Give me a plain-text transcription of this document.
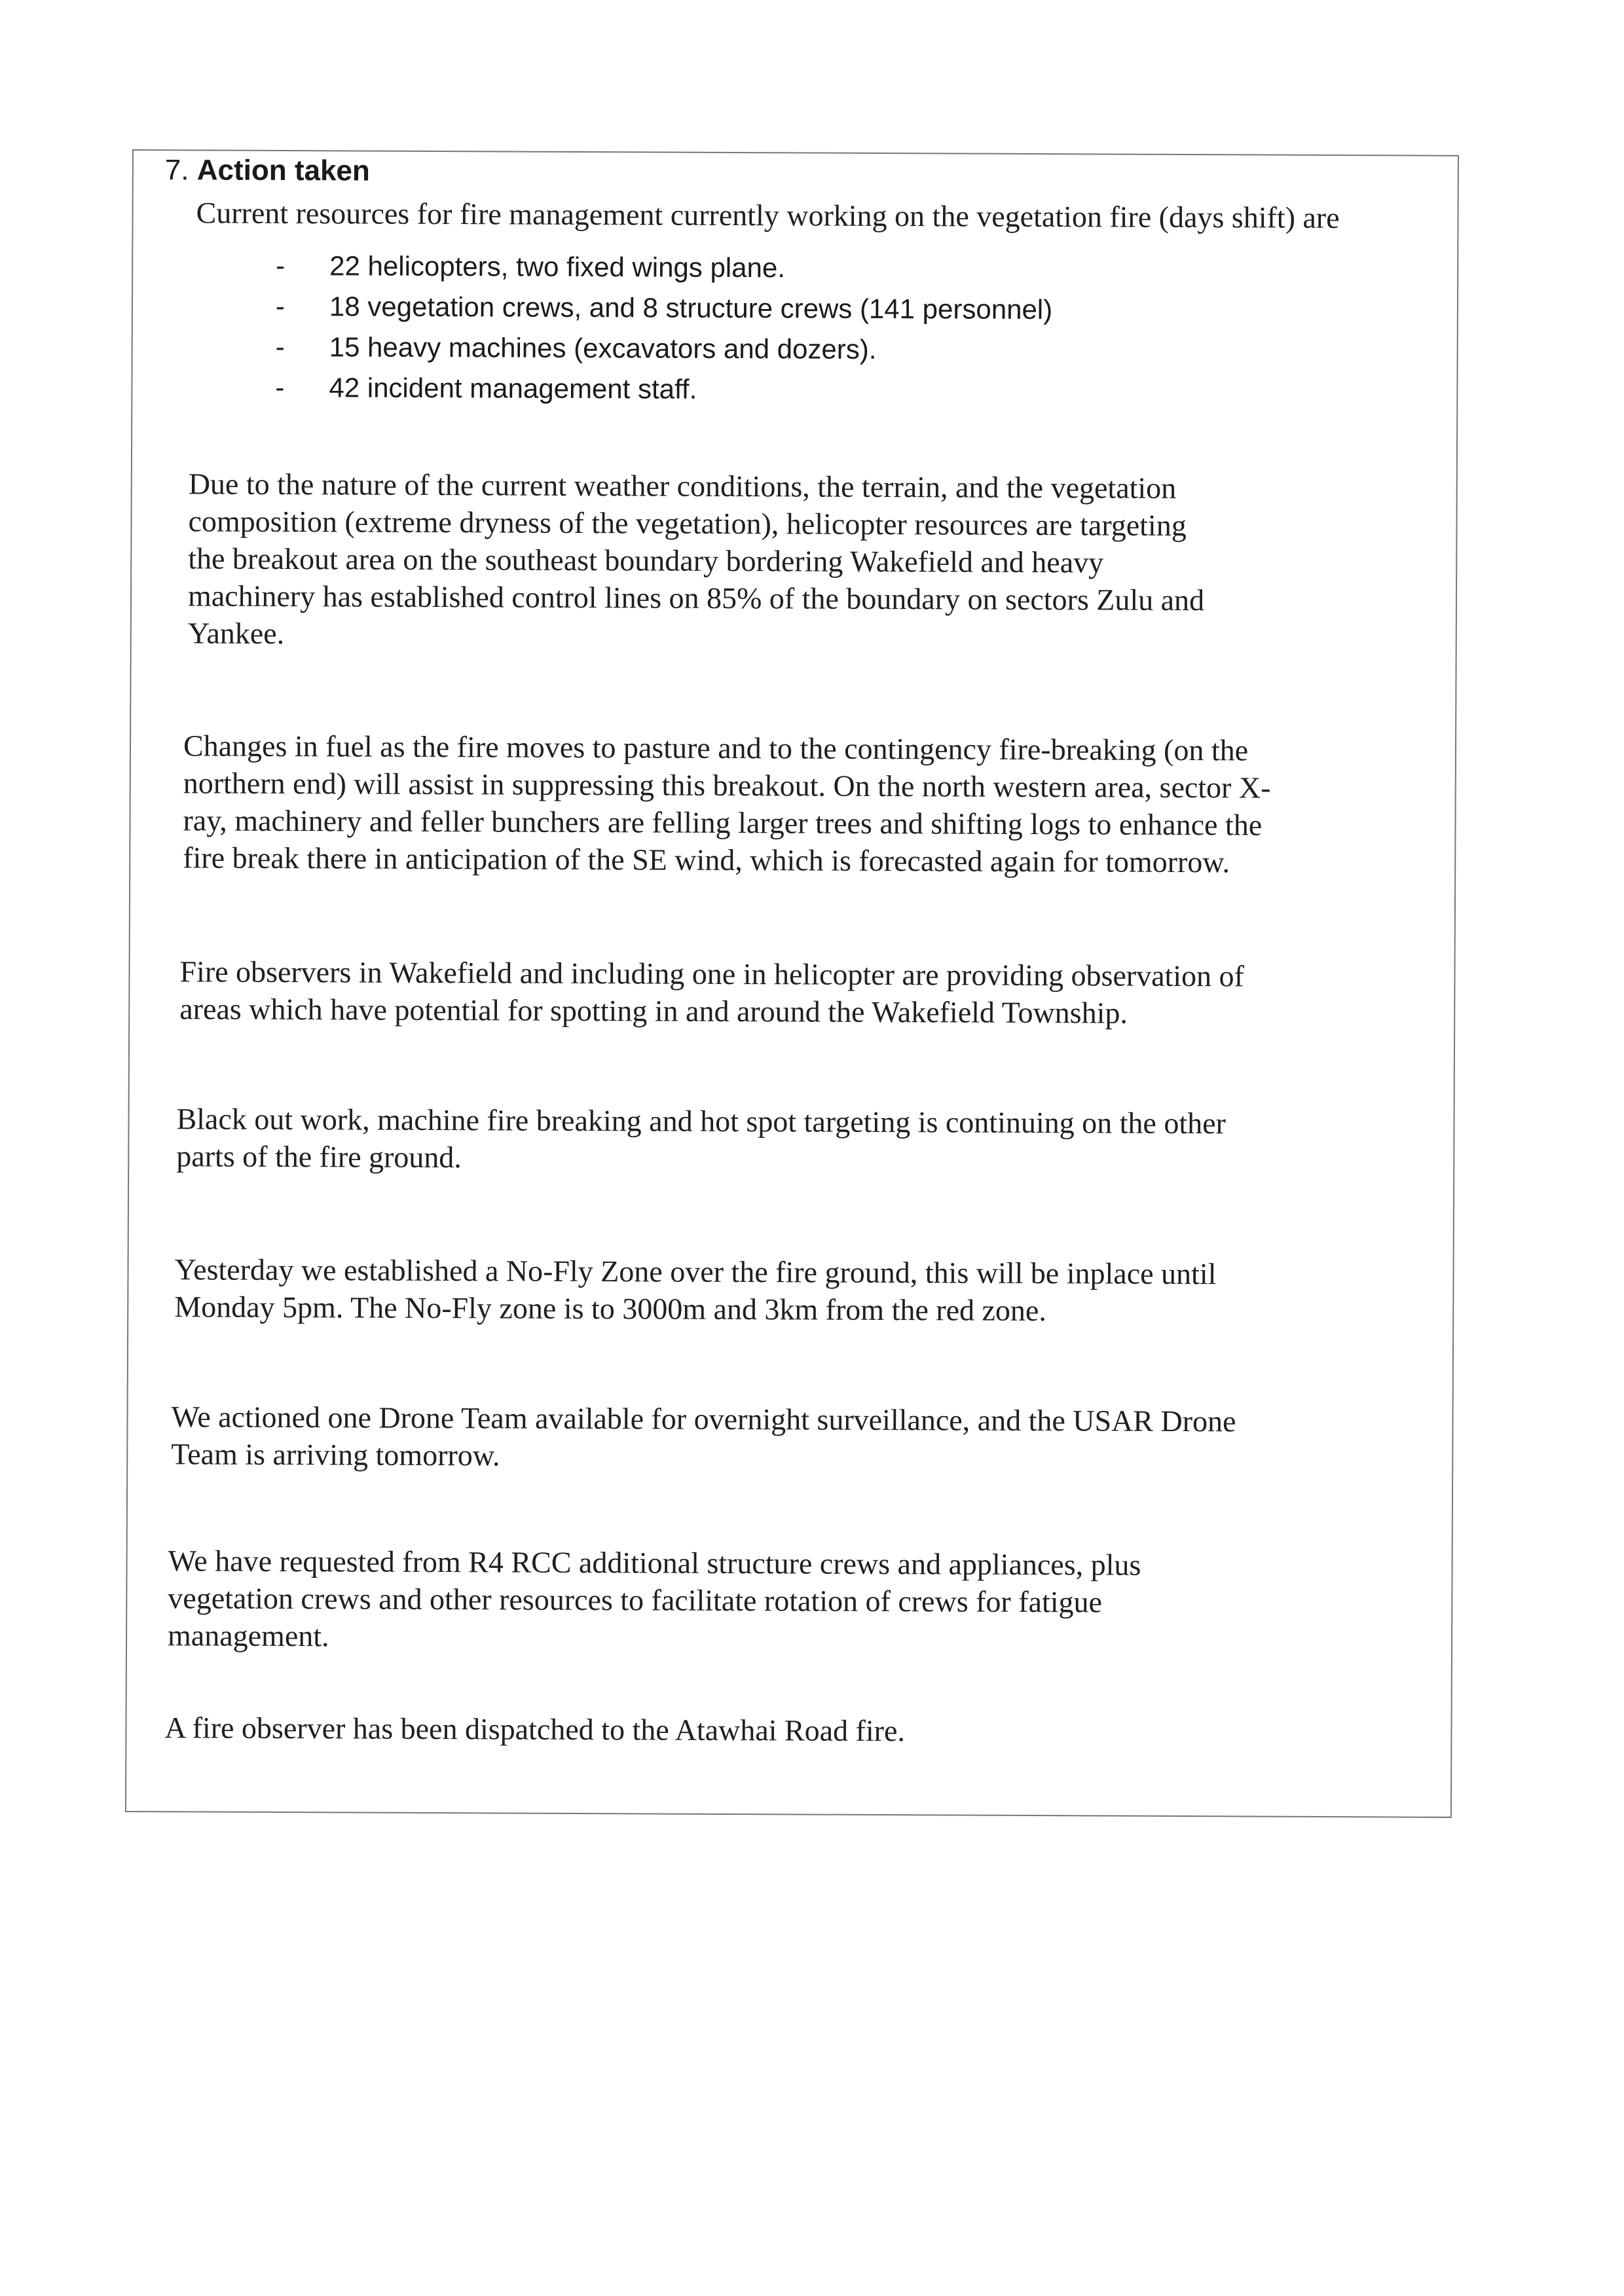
7. Action taken
Current resources for fire management currently working on the vegetation fire (days shift) are
- 22 helicopters, two fixed wings plane.
- 18 vegetation crews, and 8 structure crews (141 personnel)
- 15 heavy machines (excavators and dozers).
- 42 incident management staff.
Due to the nature of the current weather conditions, the terrain, and the vegetation
composition (extreme dryness of the vegetation), helicopter resources are targeting
the breakout area on the southeast boundary bordering Wakefield and heavy
machinery has established control lines on 85% of the boundary on sectors Zulu and
Yankee.
Changes in fuel as the fire moves to pasture and to the contingency fire-breaking (on the
northern end) will assist in suppressing this breakout. On the north western area, sector X-
ray, machinery and feller bunchers are felling larger trees and shifting logs to enhance the
fire break there in anticipation of the SE wind, which is forecasted again for tomorrow.
Fire observers in Wakefield and including one in helicopter are providing observation of
areas which have potential for spotting in and around the Wakefield Township.
Black out work, machine fire breaking and hot spot targeting is continuing on the other
parts of the fire ground.
Yesterday we established a No-Fly Zone over the fire ground, this will be inplace until
Monday 5pm. The No-Fly zone is to 3000m and 3km from the red zone.
We actioned one Drone Team available for overnight surveillance, and the USAR Drone
Team is arriving tomorrow.
We have requested from R4 RCC additional structure crews and appliances, plus
vegetation crews and other resources to facilitate rotation of crews for fatigue
management.
A fire observer has been dispatched to the Atawhai Road fire.
